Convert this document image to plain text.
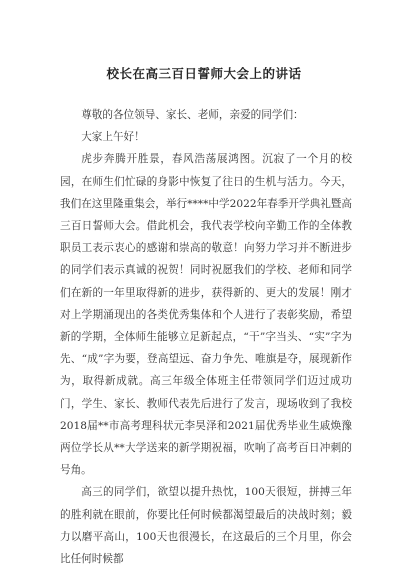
校长在高三百日誓师大会上的讲话

尊敬的各位领导、家长、老师，亲爱的同学们：

大家上午好！

虎步奔腾开胜景，春风浩荡展鸿图。沉寂了一个月的校园，在师生们忙碌的身影中恢复了往日的生机与活力。今天，我们在这里隆重集会，举行****中学2022年春季开学典礼暨高三百日誓师大会。借此机会，我代表学校向辛勤工作的全体教职员工表示衷心的感谢和崇高的敬意！向努力学习并不断进步的同学们表示真诚的祝贺！同时祝愿我们的学校、老师和同学们在新的一年里取得新的进步，获得新的、更大的发展！刚才对上学期涌现出的各类优秀集体和个人进行了表彰奖励，希望新的学期，全体师生能够立足新起点，“干”字当头、“实”字为先、“成”字为要，登高望远、奋力争先、唯旗是夺，展现新作为，取得新成就。高三年级全体班主任带领同学们迈过成功门，学生、家长、教师代表先后进行了发言，现场收到了我校2018届**市高考理科状元李昊泽和2021届优秀毕业生戚焕豫两位学长从**大学送来的新学期祝福，吹响了高考百日冲刺的号角。

高三的同学们，欲望以提升热忱，100天很短，拼搏三年的胜利就在眼前，你要比任何时候都渴望最后的决战时刻；毅力以磨平高山，100天也很漫长，在这最后的三个月里，你会比任何时候都
